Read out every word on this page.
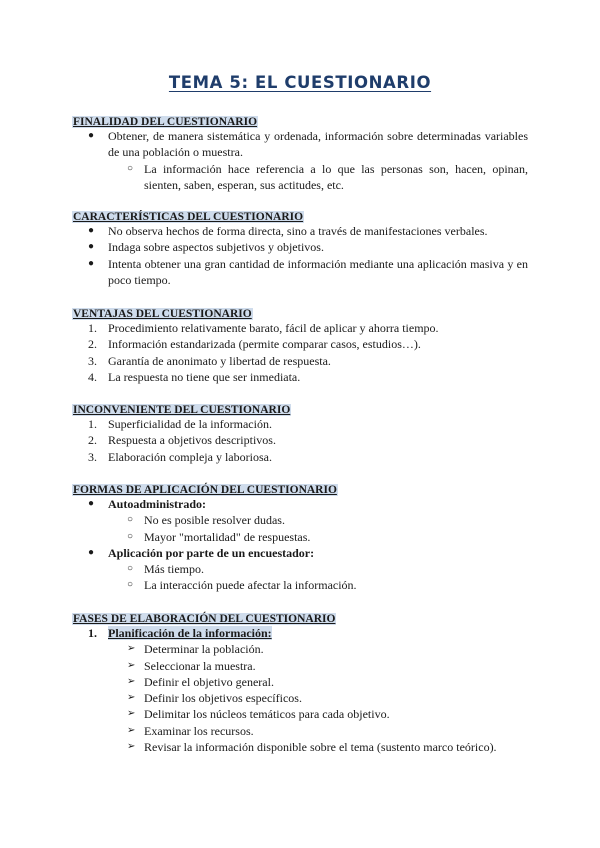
TEMA 5: EL CUESTIONARIO
FINALIDAD DEL CUESTIONARIO
● Obtener, de manera sistemática y ordenada, información sobre determinadas variables de una población o muestra.
○ La información hace referencia a lo que las personas son, hacen, opinan, sienten, saben, esperan, sus actitudes, etc.
CARACTERÍSTICAS DEL CUESTIONARIO
● No observa hechos de forma directa, sino a través de manifestaciones verbales.
● Indaga sobre aspectos subjetivos y objetivos.
● Intenta obtener una gran cantidad de información mediante una aplicación masiva y en poco tiempo.
VENTAJAS DEL CUESTIONARIO
1. Procedimiento relativamente barato, fácil de aplicar y ahorra tiempo.
2. Información estandarizada (permite comparar casos, estudios…).
3. Garantía de anonimato y libertad de respuesta.
4. La respuesta no tiene que ser inmediata.
INCONVENIENTE DEL CUESTIONARIO
1. Superficialidad de la información.
2. Respuesta a objetivos descriptivos.
3. Elaboración compleja y laboriosa.
FORMAS DE APLICACIÓN DEL CUESTIONARIO
● Autoadministrado:
○ No es posible resolver dudas.
○ Mayor "mortalidad" de respuestas.
● Aplicación por parte de un encuestador:
○ Más tiempo.
○ La interacción puede afectar la información.
FASES DE ELABORACIÓN DEL CUESTIONARIO
1. Planificación de la información:
➢ Determinar la población.
➢ Seleccionar la muestra.
➢ Definir el objetivo general.
➢ Definir los objetivos específicos.
➢ Delimitar los núcleos temáticos para cada objetivo.
➢ Examinar los recursos.
➢ Revisar la información disponible sobre el tema (sustento marco teórico).
